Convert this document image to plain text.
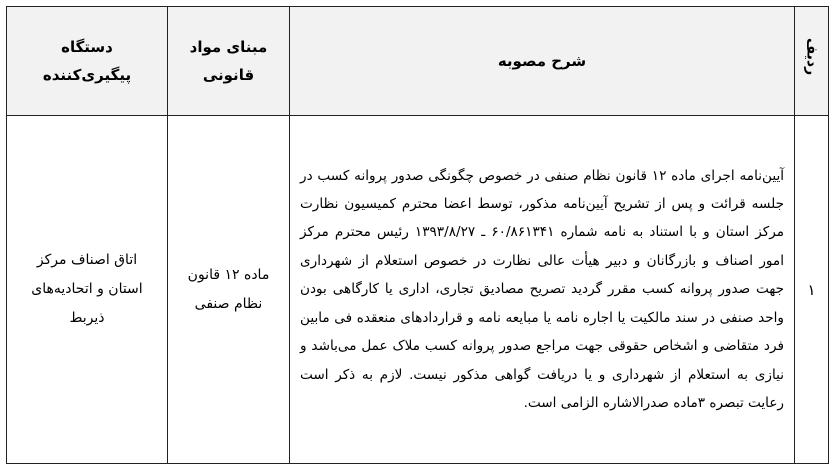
ردیف	شرح مصوبه	مبنای مواد قانونی	دستگاه پیگیری‌کننده
۱	آیین‌نامه اجرای ماده ۱۲ قانون نظام صنفی در خصوص چگونگی صدور پروانه کسب در جلسه قرائت و پس از تشریح آیین‌نامه مذکور، توسط اعضا محترم کمیسیون نظارت مرکز استان و با استناد به نامه شماره ۶۰/۸۶۱۳۴۱ ـ ۱۳۹۳/۸/۲۷ رئیس محترم مرکز امور اصناف و بازرگانان و دبیر هیأت عالی نظارت در خصوص استعلام از شهرداری جهت صدور پروانه کسب مقرر گردید تصریح مصادیق تجاری، اداری یا کارگاهی بودن واحد صنفی در سند مالکیت یا اجاره نامه یا مبایعه نامه و قراردادهای منعقده فی مابین فرد متقاضی و اشخاص حقوقی جهت مراجع صدور پروانه کسب ملاک عمل می‌باشد و نیازی به استعلام از شهرداری و یا دریافت گواهی مذکور نیست. لازم به ذکر است رعایت تبصره ۳ماده صدرالاشاره الزامی است.	ماده ۱۲ قانون نظام صنفی	اتاق اصناف مرکز استان و اتحادیه‌های ذیربط
